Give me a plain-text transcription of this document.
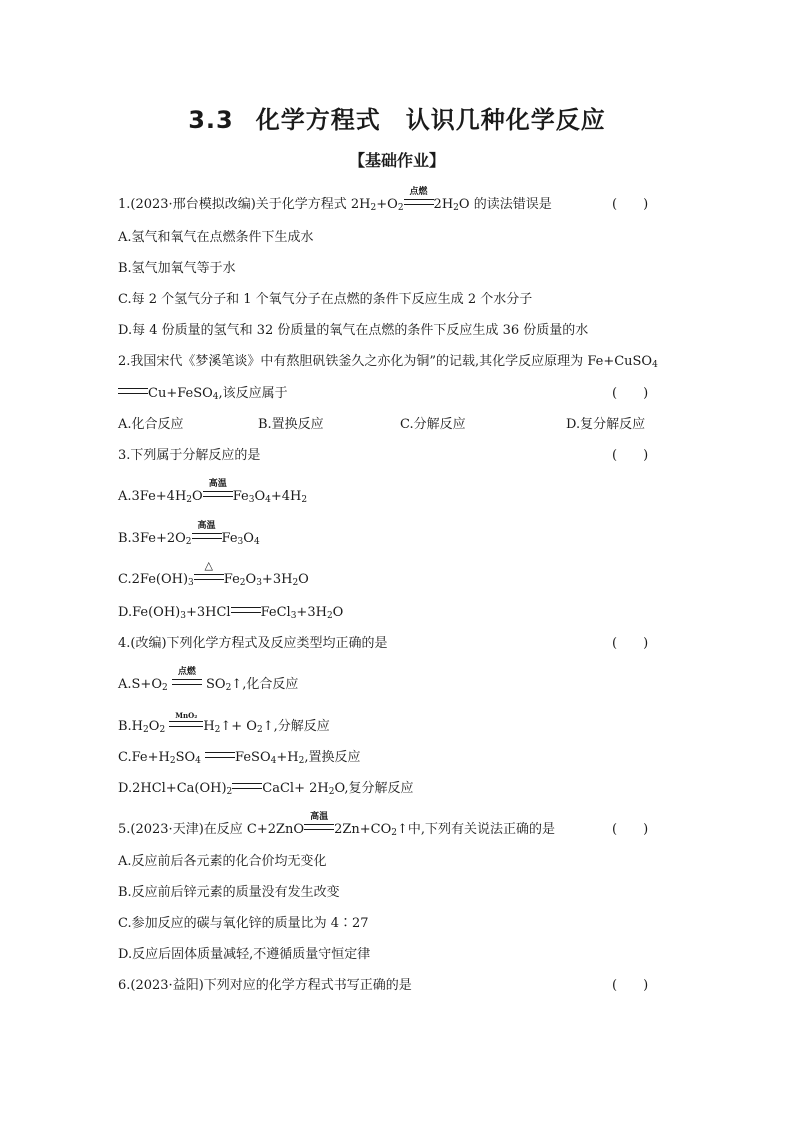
3.3 化学方程式　认识几种化学反应
【基础作业】
1.(2023·邢台模拟改编)关于化学方程式 $2H_2+O_2$
点燃
$2H_2O$ 的读法错误是	(　　)
A.氢气和氧气在点燃条件下生成水
B.氢气加氧气等于水
C.每 2 个氢气分子和 1 个氧气分子在点燃的条件下反应生成 2 个水分子
D.每 4 份质量的氢气和 32 份质量的氧气在点燃的条件下反应生成 36 份质量的水
2.我国宋代《梦溪笔谈》中有熬胆矾铁釜久之亦化为铜”的记载,其化学反应原理为 Fe+CuSO$_4$
Cu+FeSO$_4$,该反应属于	(　　)
A.化合反应	B.置换反应	C.分解反应	D.复分解反应
3.下列属于分解反应的是	(　　)
$A.3Fe+4H_2O$
高温
$Fe_3O_4+4H_2$
$B.3Fe+2O_2$
高温
$Fe_3O_4$
$C.2Fe(OH)_3$
△
$Fe_2O_3+3H_2O$
$D.Fe(OH)_3+3HCl$ $FeCl_3+3H_2O$
4.(改编)下列化学方程式及反应类型均正确的是	(　　)
$A.S+O_2$
点燃
$SO_2↑$,化合反应
$B.H_2O_2$
MnO₂
$H_2↑+$ $O_2↑$,分解反应
$C.Fe+H_2SO_4$	$FeSO_4+H_2$,置换反应
$D.2HCl+Ca(OH)_2$ CaCl+ $2H_2O$,复分解反应
5.(2023·天津)在反应 C+2ZnO
高温
$2Zn+CO_2↑$中,下列有关说法正确的是	(　　)
A.反应前后各元素的化合价均无变化
B.反应前后锌元素的质量没有发生改变
C.参加反应的碳与氧化锌的质量比为 4∶27
D.反应后固体质量减轻,不遵循质量守恒定律
6.(2023·益阳)下列对应的化学方程式书写正确的是	(　　)
